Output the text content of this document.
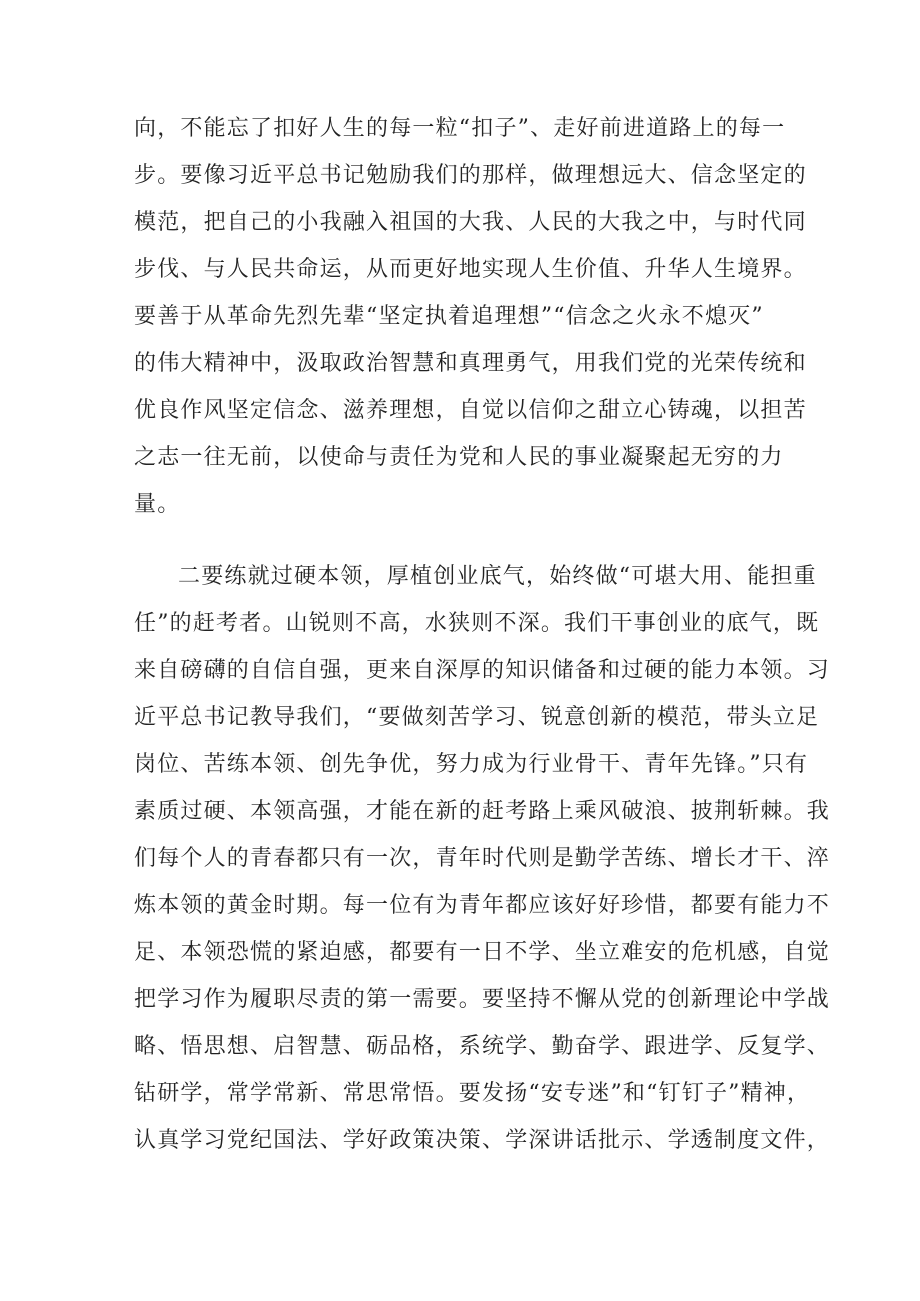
向，不能忘了扣好人生的每一粒“扣子”、走好前进道路上的每一
步。要像习近平总书记勉励我们的那样，做理想远大、信念坚定的
模范，把自己的小我融入祖国的大我、人民的大我之中，与时代同
步伐、与人民共命运，从而更好地实现人生价值、升华人生境界。
要善于从革命先烈先辈“坚定执着追理想”“信念之火永不熄灭”
的伟大精神中，汲取政治智慧和真理勇气，用我们党的光荣传统和
优良作风坚定信念、滋养理想，自觉以信仰之甜立心铸魂，以担苦
之志一往无前，以使命与责任为党和人民的事业凝聚起无穷的力
量。
二要练就过硬本领，厚植创业底气，始终做“可堪大用、能担重
任”的赶考者。山锐则不高，水狭则不深。我们干事创业的底气，既
来自磅礴的自信自强，更来自深厚的知识储备和过硬的能力本领。习
近平总书记教导我们，“要做刻苦学习、锐意创新的模范，带头立足
岗位、苦练本领、创先争优，努力成为行业骨干、青年先锋。”只有
素质过硬、本领高强，才能在新的赶考路上乘风破浪、披荆斩棘。我
们每个人的青春都只有一次，青年时代则是勤学苦练、增长才干、淬
炼本领的黄金时期。每一位有为青年都应该好好珍惜，都要有能力不
足、本领恐慌的紧迫感，都要有一日不学、坐立难安的危机感，自觉
把学习作为履职尽责的第一需要。要坚持不懈从党的创新理论中学战
略、悟思想、启智慧、砺品格，系统学、勤奋学、跟进学、反复学、
钻研学，常学常新、常思常悟。要发扬“安专迷”和“钉钉子”精神，
认真学习党纪国法、学好政策决策、学深讲话批示、学透制度文件，
